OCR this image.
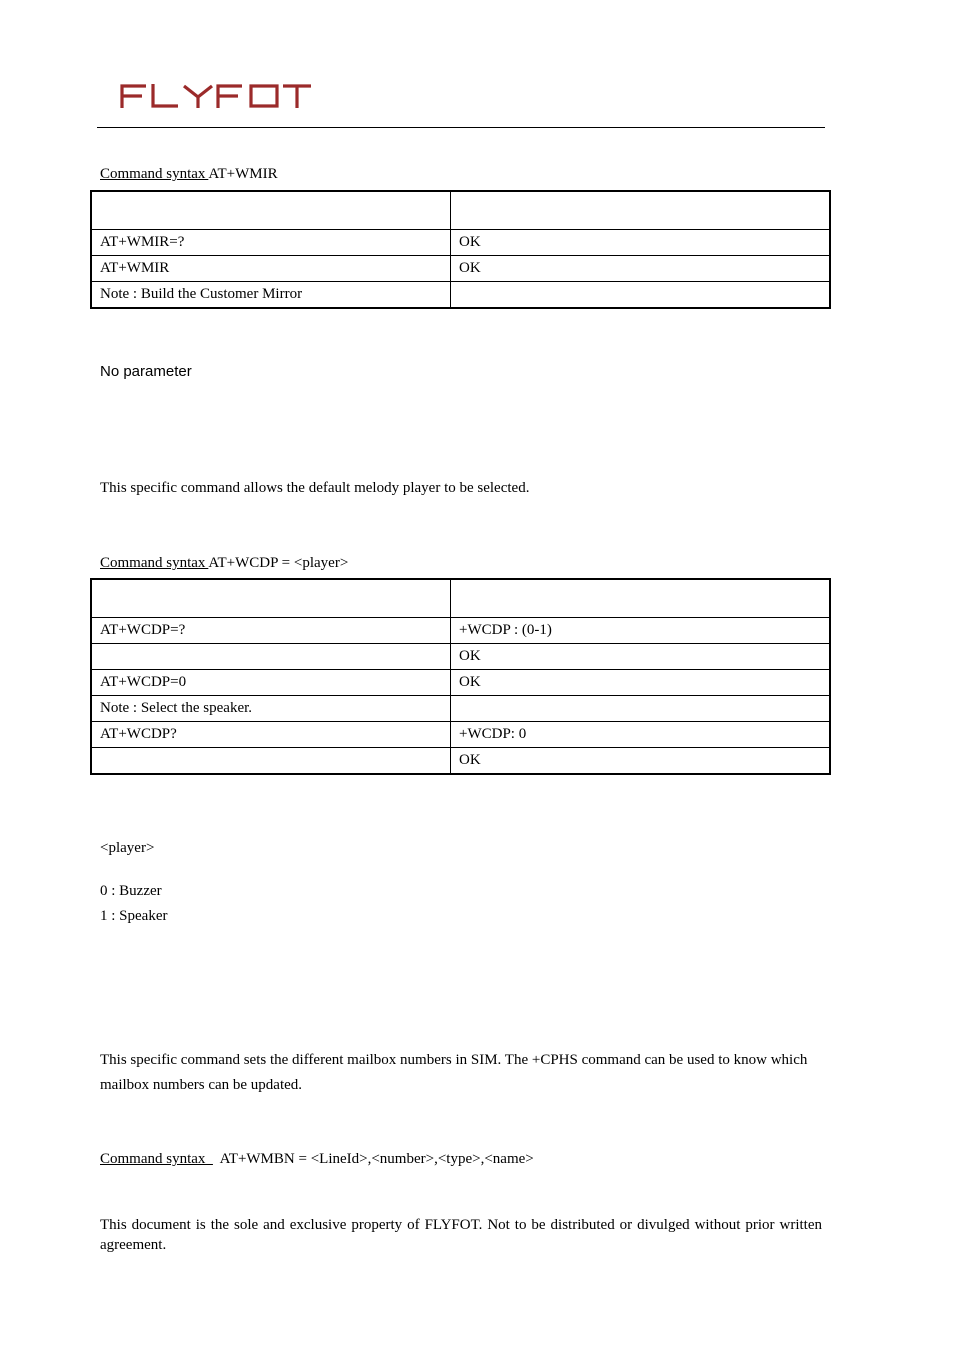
Command syntax AT+WMIR

AT+WMIR=?	OK
AT+WMIR	OK
Note : Build the Customer Mirror	
No parameter
This specific command allows the default melody player to be selected.
Command syntax AT+WCDP = <player>

AT+WCDP=?	+WCDP : (0-1)
	OK
AT+WCDP=0	OK
Note : Select the speaker.	
AT+WCDP?	+WCDP: 0
	OK
<player>
0 : Buzzer
1 : Speaker
This specific command sets the different mailbox numbers in SIM. The +CPHS command can be used to know which mailbox numbers can be updated.
Command syntax    AT+WMBN = <LineId>,<number>,<type>,<name>
This document is the sole and exclusive property of FLYFOT. Not to be distributed or divulged without prior written agreement.
